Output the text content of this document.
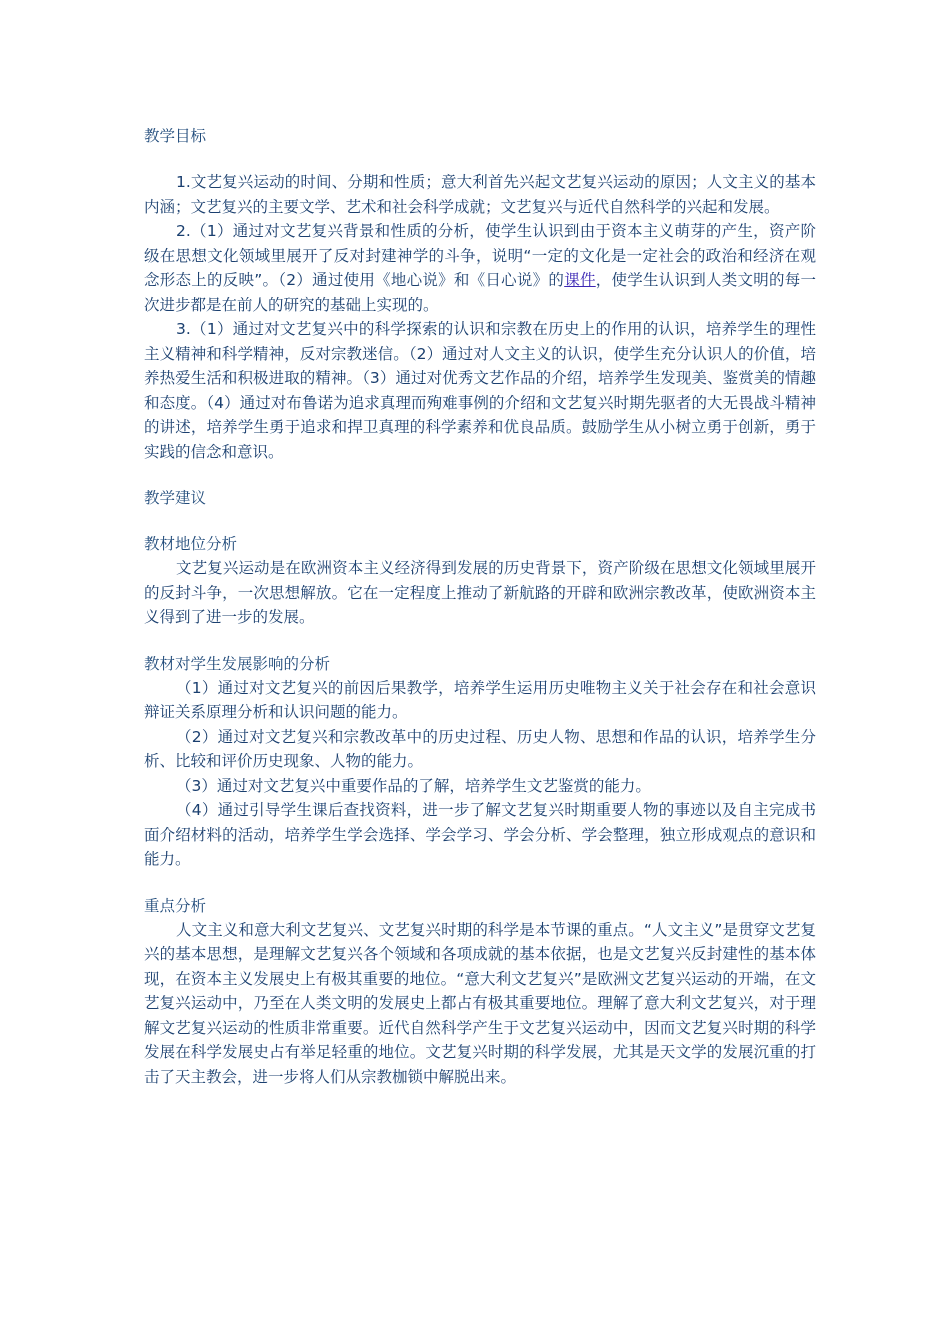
教学目标

1.文艺复兴运动的时间、分期和性质；意大利首先兴起文艺复兴运动的原因；人文主义的基本内涵；文艺复兴的主要文学、艺术和社会科学成就；文艺复兴与近代自然科学的兴起和发展。

2.（1）通过对文艺复兴背景和性质的分析，使学生认识到由于资本主义萌芽的产生，资产阶级在思想文化领域里展开了反对封建神学的斗争，说明“一定的文化是一定社会的政治和经济在观念形态上的反映”。（2）通过使用《地心说》和《日心说》的课件，使学生认识到人类文明的每一次进步都是在前人的研究的基础上实现的。

3.（1）通过对文艺复兴中的科学探索的认识和宗教在历史上的作用的认识，培养学生的理性主义精神和科学精神，反对宗教迷信。（2）通过对人文主义的认识，使学生充分认识人的价值，培养热爱生活和积极进取的精神。（3）通过对优秀文艺作品的介绍，培养学生发现美、鉴赏美的情趣和态度。（4）通过对布鲁诺为追求真理而殉难事例的介绍和文艺复兴时期先驱者的大无畏战斗精神的讲述，培养学生勇于追求和捍卫真理的科学素养和优良品质。鼓励学生从小树立勇于创新，勇于实践的信念和意识。

教学建议

教材地位分析

文艺复兴运动是在欧洲资本主义经济得到发展的历史背景下，资产阶级在思想文化领域里展开的反封斗争，一次思想解放。它在一定程度上推动了新航路的开辟和欧洲宗教改革，使欧洲资本主义得到了进一步的发展。

教材对学生发展影响的分析

（1）通过对文艺复兴的前因后果教学，培养学生运用历史唯物主义关于社会存在和社会意识辩证关系原理分析和认识问题的能力。

（2）通过对文艺复兴和宗教改革中的历史过程、历史人物、思想和作品的认识，培养学生分析、比较和评价历史现象、人物的能力。

（3）通过对文艺复兴中重要作品的了解，培养学生文艺鉴赏的能力。

（4）通过引导学生课后查找资料，进一步了解文艺复兴时期重要人物的事迹以及自主完成书面介绍材料的活动，培养学生学会选择、学会学习、学会分析、学会整理，独立形成观点的意识和能力。

重点分析

人文主义和意大利文艺复兴、文艺复兴时期的科学是本节课的重点。“人文主义”是贯穿文艺复兴的基本思想，是理解文艺复兴各个领域和各项成就的基本依据，也是文艺复兴反封建性的基本体现，在资本主义发展史上有极其重要的地位。“意大利文艺复兴”是欧洲文艺复兴运动的开端，在文艺复兴运动中，乃至在人类文明的发展史上都占有极其重要地位。理解了意大利文艺复兴，对于理解文艺复兴运动的性质非常重要。近代自然科学产生于文艺复兴运动中，因而文艺复兴时期的科学发展在科学发展史占有举足轻重的地位。文艺复兴时期的科学发展，尤其是天文学的发展沉重的打击了天主教会，进一步将人们从宗教枷锁中解脱出来。
